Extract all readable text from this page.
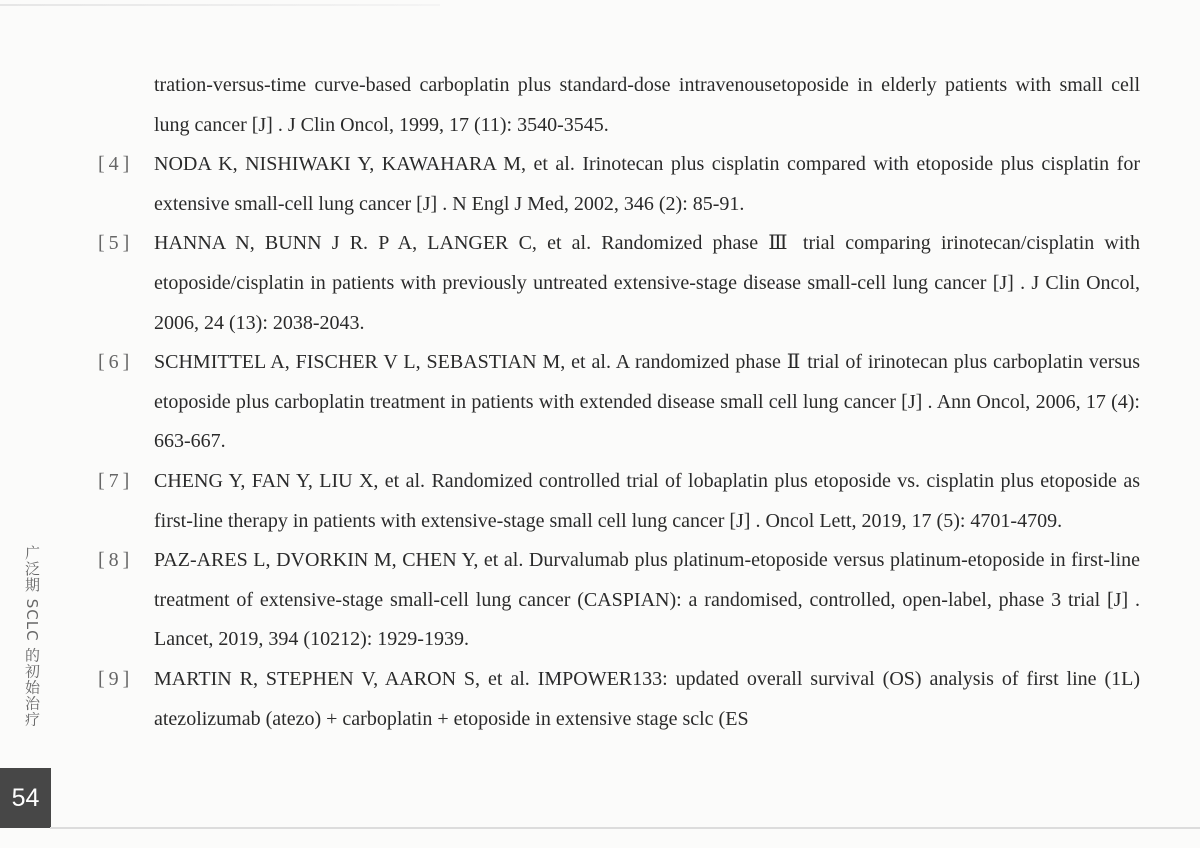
tration-versus-time curve-based carboplatin plus standard-dose intravenousetoposide in elderly patients with small cell lung cancer [J] . J Clin Oncol, 1999, 17 (11): 3540-3545.
[4] NODA K, NISHIWAKI Y, KAWAHARA M, et al. Irinotecan plus cisplatin compared with etoposide plus cisplatin for extensive small-cell lung cancer [J] . N Engl J Med, 2002, 346 (2): 85-91.
[5] HANNA N, BUNN J R. P A, LANGER C, et al. Randomized phase Ⅲ trial comparing irinotecan/cisplatin with etoposide/cisplatin in patients with previously untreated extensive-stage disease small-cell lung cancer [J] . J Clin Oncol, 2006, 24 (13): 2038-2043.
[6] SCHMITTEL A, FISCHER V L, SEBASTIAN M, et al. A randomized phase Ⅱ trial of irinotecan plus carboplatin versus etoposide plus carboplatin treatment in patients with extended disease small cell lung cancer [J] . Ann Oncol, 2006, 17 (4): 663-667.
[7] CHENG Y, FAN Y, LIU X, et al. Randomized controlled trial of lobaplatin plus etoposide vs. cisplatin plus etoposide as first-line therapy in patients with extensive-stage small cell lung cancer [J] . Oncol Lett, 2019, 17 (5): 4701-4709.
[8] PAZ-ARES L, DVORKIN M, CHEN Y, et al. Durvalumab plus platinum-etoposide versus platinum-etoposide in first-line treatment of extensive-stage small-cell lung cancer (CASPIAN): a randomised, controlled, open-label, phase 3 trial [J] . Lancet, 2019, 394 (10212): 1929-1939.
[9] MARTIN R, STEPHEN V, AARON S, et al. IMPOWER133: updated overall survival (OS) analysis of first line (1L) atezolizumab (atezo) + carboplatin + etoposide in extensive stage sclc (ES
广泛期 SCLC 的初始治疗
54
